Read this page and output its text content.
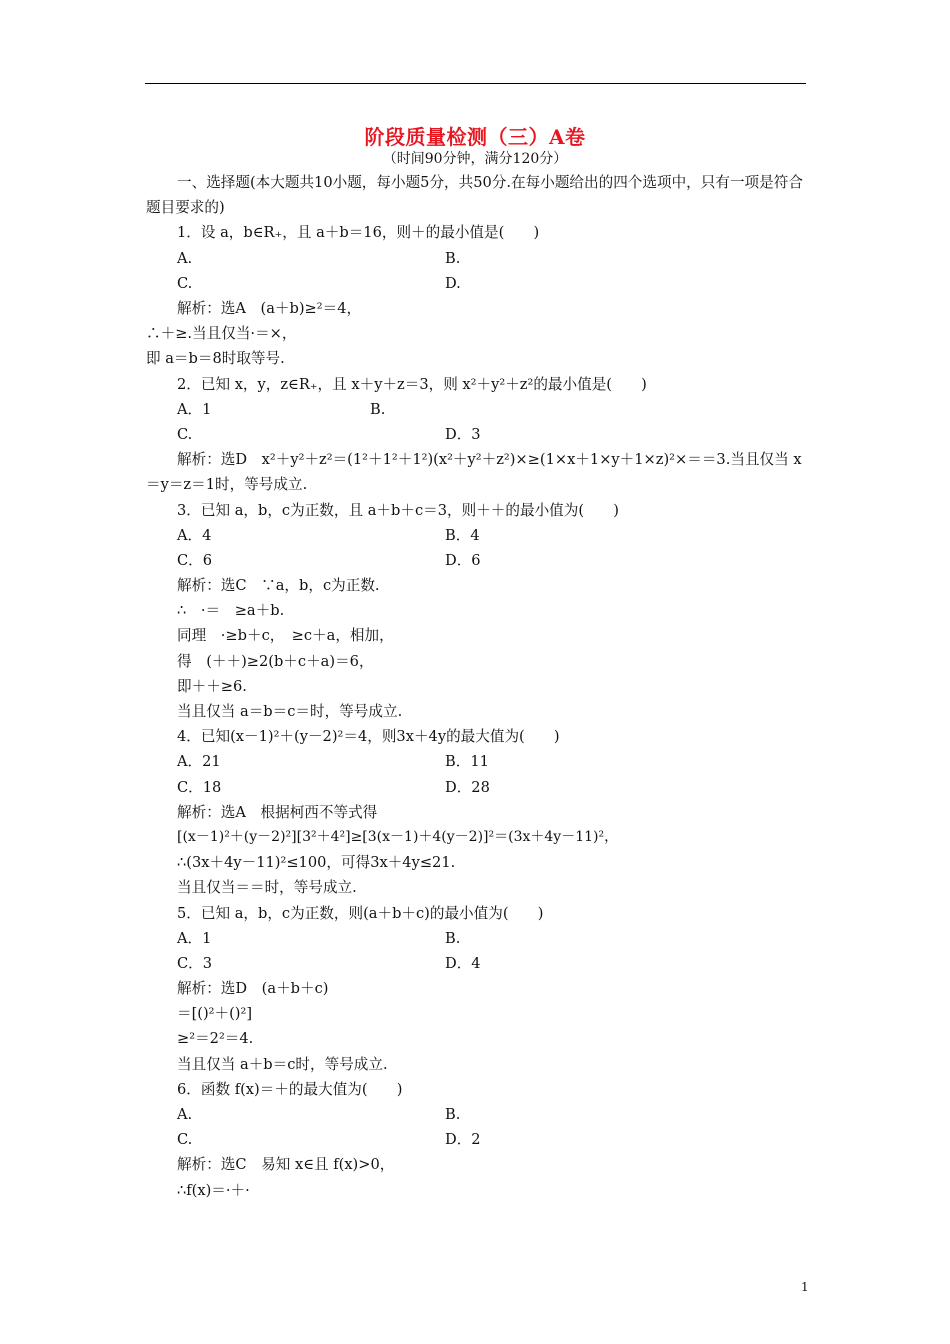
阶段质量检测（三）A卷
（时间90分钟，满分120分）
一、选择题(本大题共10小题，每小题5分，共50分.在每小题给出的四个选项中，只有一项是符合题目要求的)
1．设 a，b∈R₊，且 a＋b＝16，则＋的最小值是(　　)
A.	B.
C.	D.
解析：选A　(a＋b)≥²＝4，
∴＋≥.当且仅当·＝×，
即 a＝b＝8时取等号.
2．已知 x，y，z∈R₊，且 x＋y＋z＝3，则 x²＋y²＋z²的最小值是(　　)
A．1	B.
C.	D．3
解析：选D　x²＋y²＋z²＝(1²＋1²＋1²)(x²＋y²＋z²)×≥(1×x＋1×y＋1×z)²×＝＝3.当且仅当 x＝y＝z＝1时，等号成立.
3．已知 a，b，c为正数，且 a＋b＋c＝3，则＋＋的最小值为(　　)
A．4	B．4
C．6	D．6
解析：选C　∵a，b，c为正数.
∴　·＝　≥a＋b.
同理　·≥b＋c，　≥c＋a，相加，
得　(＋＋)≥2(b＋c＋a)＝6，
即＋＋≥6.
当且仅当 a＝b＝c＝时，等号成立.
4．已知(x－1)²＋(y－2)²＝4，则3x＋4y的最大值为(　　)
A．21	B．11
C．18	D．28
解析：选A　根据柯西不等式得
[(x－1)²＋(y－2)²][3²＋4²]≥[3(x－1)＋4(y－2)]²＝(3x＋4y－11)²，
∴(3x＋4y－11)²≤100，可得3x＋4y≤21.
当且仅当＝＝时，等号成立.
5．已知 a，b，c为正数，则(a＋b＋c)的最小值为(　　)
A．1	B.
C．3	D．4
解析：选D　(a＋b＋c)
＝[()²＋()²]
≥²＝2²＝4.
当且仅当 a＋b＝c时，等号成立.
6．函数 f(x)＝＋的最大值为(　　)
A.	B.
C.	D．2
解析：选C　易知 x∈且 f(x)>0，
∴f(x)＝·＋·
1
